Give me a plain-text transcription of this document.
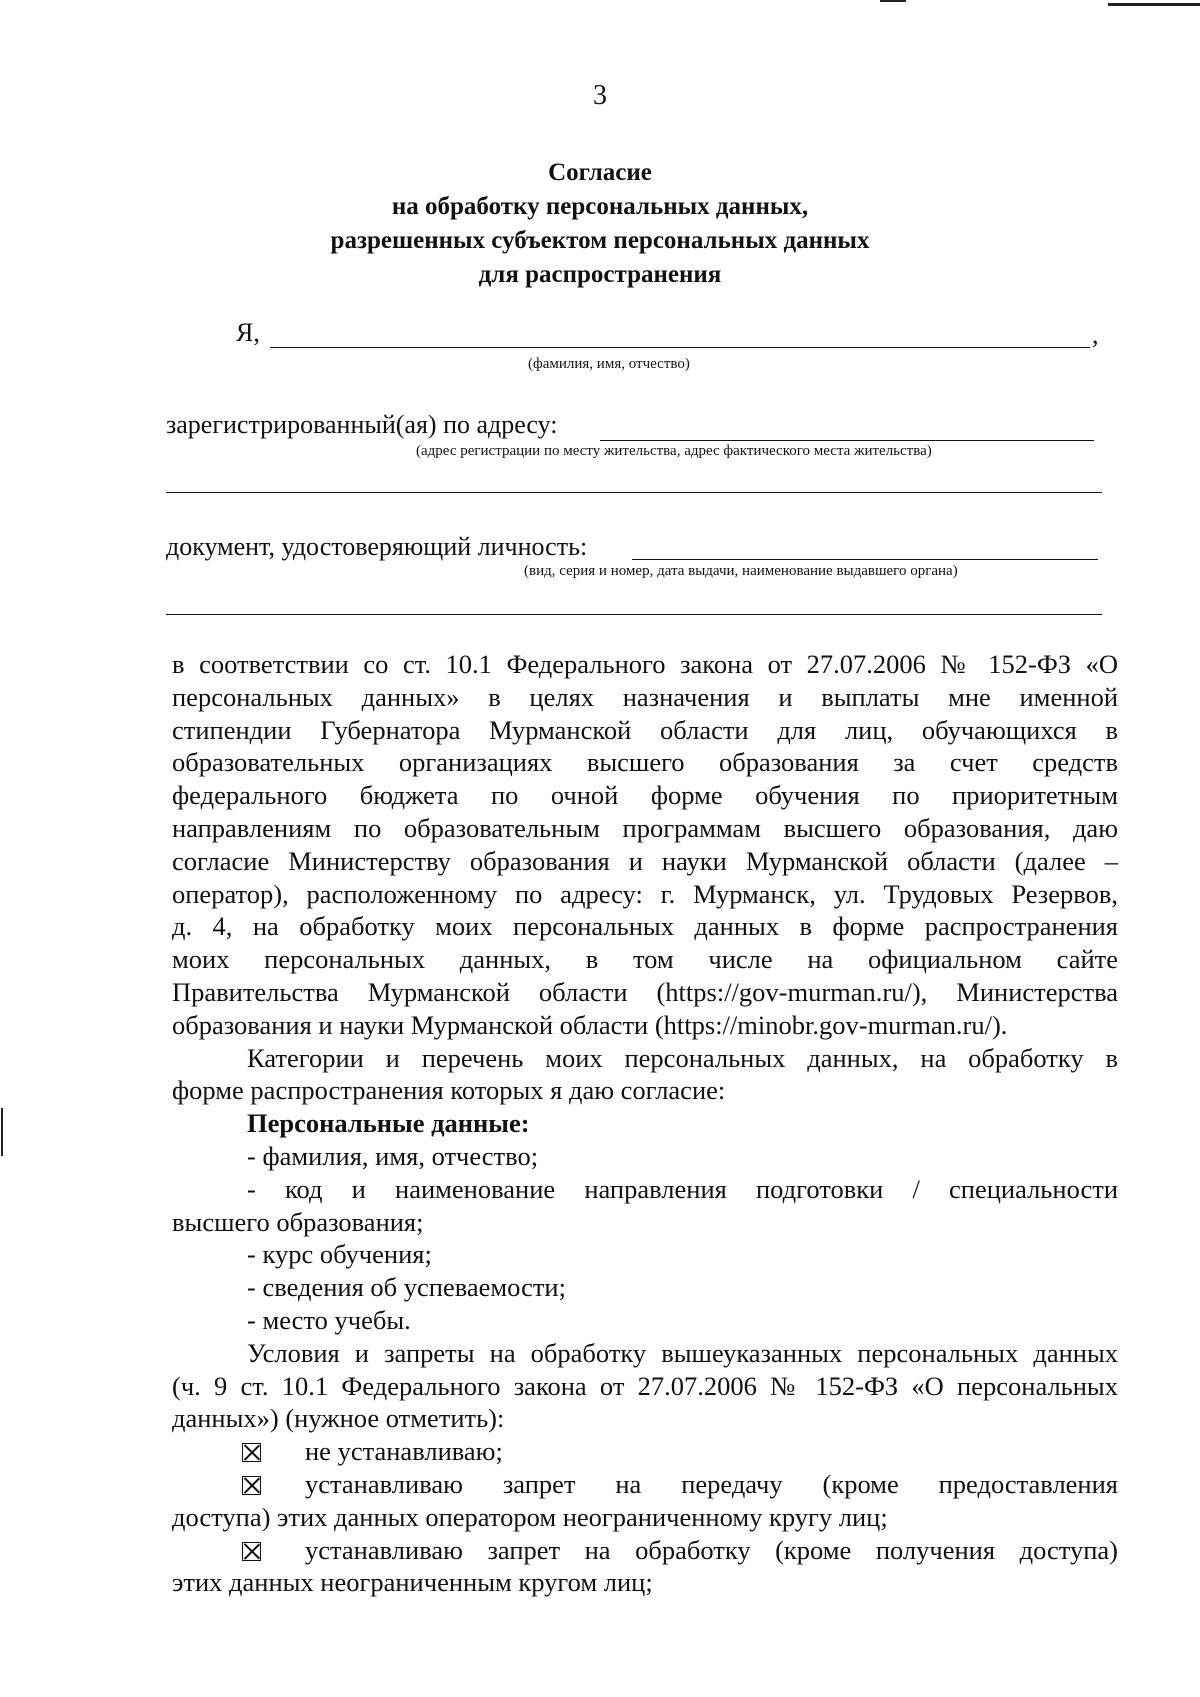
3
Согласие
на обработку персональных данных,
разрешенных субъектом персональных данных
для распространения
Я,	,
(фамилия, имя, отчество)
зарегистрированный(ая) по адресу:
(адрес регистрации по месту жительства, адрес фактического места жительства)
документ, удостоверяющий личность:
(вид, серия и номер, дата выдачи, наименование выдавшего органа)
в соответствии со ст. 10.1 Федерального закона от 27.07.2006 № 152-ФЗ «О
персональных данных» в целях назначения и выплаты мне именной
стипендии Губернатора Мурманской области для лиц, обучающихся в
образовательных организациях высшего образования за счет средств
федерального бюджета по очной форме обучения по приоритетным
направлениям по образовательным программам высшего образования, даю
согласие Министерству образования и науки Мурманской области (далее –
оператор), расположенному по адресу: г. Мурманск, ул. Трудовых Резервов,
д. 4, на обработку моих персональных данных в форме распространения
моих персональных данных, в том числе на официальном сайте
Правительства Мурманской области (https://gov-murman.ru/), Министерства
образования и науки Мурманской области (https://minobr.gov-murman.ru/).
Категории и перечень моих персональных данных, на обработку в
форме распространения которых я даю согласие:
Персональные данные:
- фамилия, имя, отчество;
- код и наименование направления подготовки / специальности
высшего образования;
- курс обучения;
- сведения об успеваемости;
- место учебы.
Условия и запреты на обработку вышеуказанных персональных данных
(ч. 9 ст. 10.1 Федерального закона от 27.07.2006 № 152-ФЗ «О персональных
данных») (нужное отметить):
не устанавливаю;
устанавливаю запрет на передачу (кроме предоставления
доступа) этих данных оператором неограниченному кругу лиц;
устанавливаю запрет на обработку (кроме получения доступа)
этих данных неограниченным кругом лиц;
